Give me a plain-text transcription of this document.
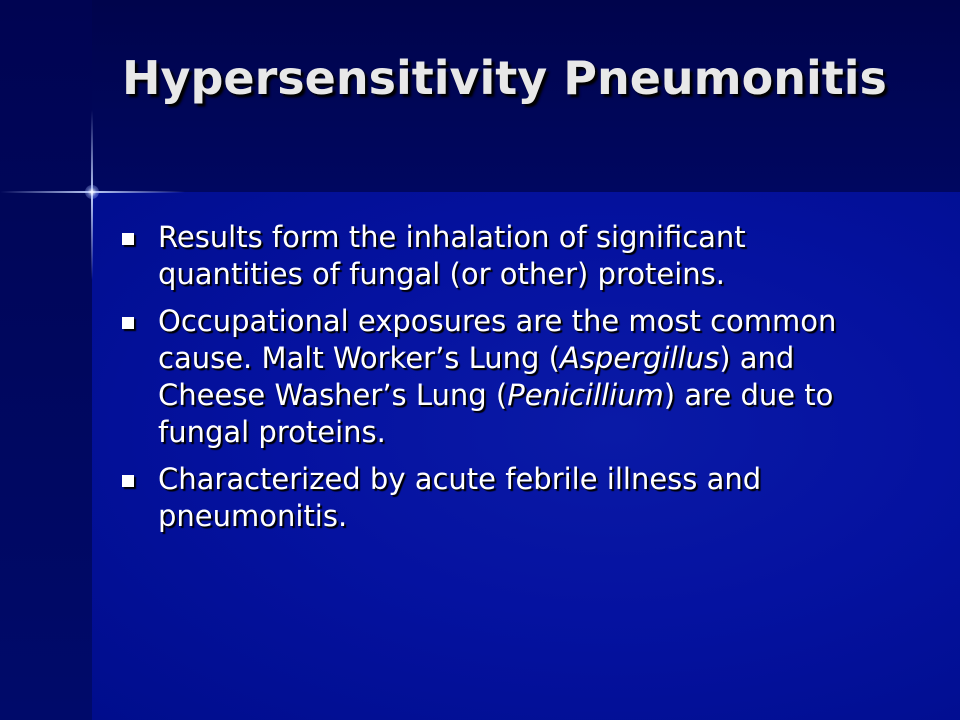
Hypersensitivity Pneumonitis
Results form the inhalation of significant quantities of fungal (or other) proteins.
Occupational exposures are the most common cause. Malt Worker’s Lung (Aspergillus) and Cheese Washer’s Lung (Penicillium) are due to fungal proteins.
Characterized by acute febrile illness and pneumonitis.
